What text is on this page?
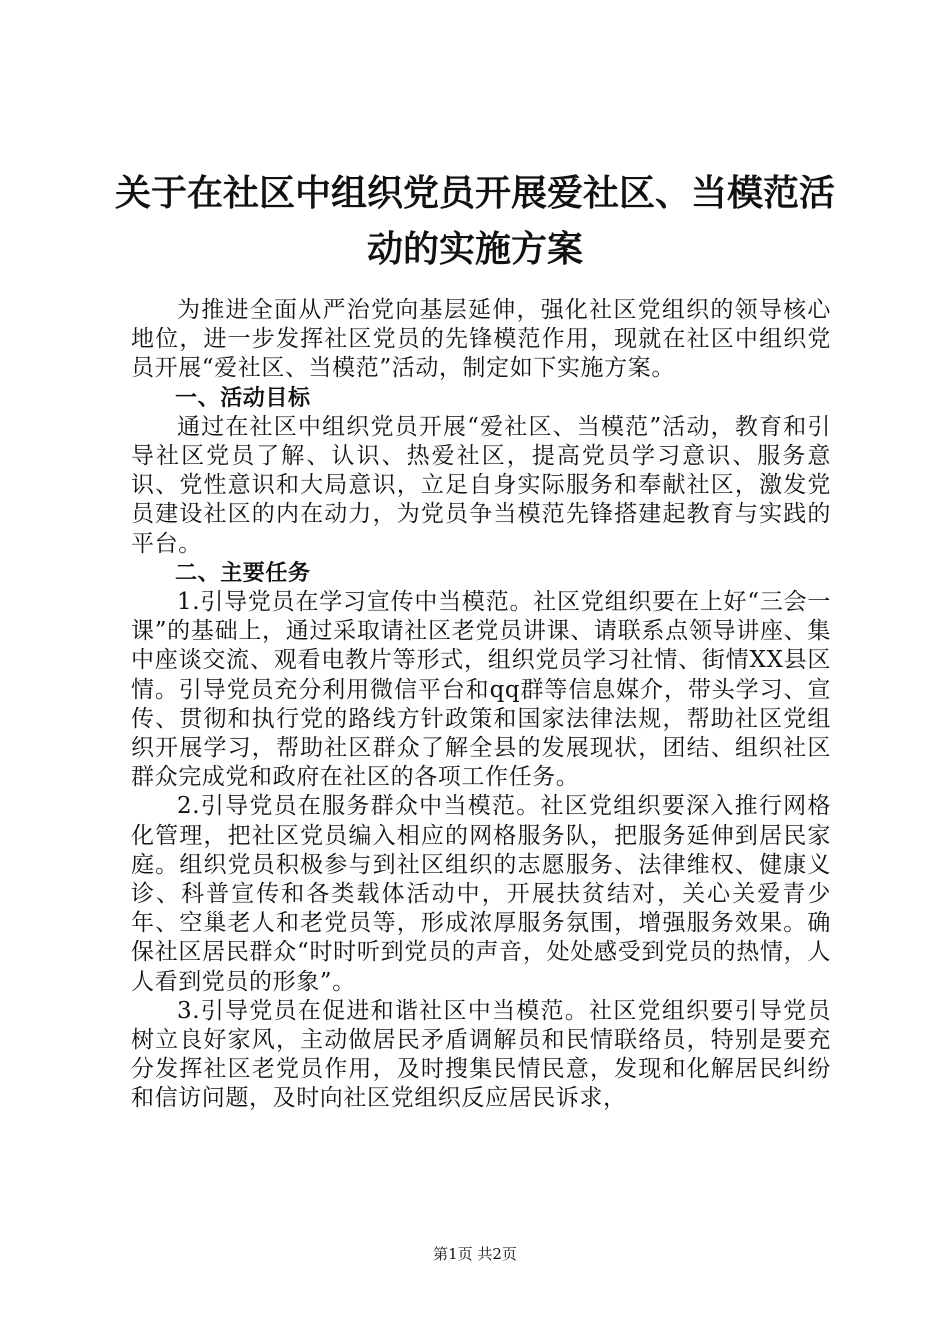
关于在社区中组织党员开展爱社区、当模范活动的实施方案

为推进全面从严治党向基层延伸，强化社区党组织的领导核心地位，进一步发挥社区党员的先锋模范作用，现就在社区中组织党员开展“爱社区、当模范”活动，制定如下实施方案。

一、活动目标

通过在社区中组织党员开展“爱社区、当模范”活动，教育和引导社区党员了解、认识、热爱社区，提高党员学习意识、服务意识、党性意识和大局意识，立足自身实际服务和奉献社区，激发党员建设社区的内在动力，为党员争当模范先锋搭建起教育与实践的平台。

二、主要任务

1.引导党员在学习宣传中当模范。社区党组织要在上好“三会一课”的基础上，通过采取请社区老党员讲课、请联系点领导讲座、集中座谈交流、观看电教片等形式，组织党员学习社情、街情XX县区情。引导党员充分利用微信平台和qq群等信息媒介，带头学习、宣传、贯彻和执行党的路线方针政策和国家法律法规，帮助社区党组织开展学习，帮助社区群众了解全县的发展现状，团结、组织社区群众完成党和政府在社区的各项工作任务。

2.引导党员在服务群众中当模范。社区党组织要深入推行网格化管理，把社区党员编入相应的网格服务队，把服务延伸到居民家庭。组织党员积极参与到社区组织的志愿服务、法律维权、健康义诊、科普宣传和各类载体活动中，开展扶贫结对，关心关爱青少年、空巢老人和老党员等，形成浓厚服务氛围，增强服务效果。确保社区居民群众“时时听到党员的声音，处处感受到党员的热情，人人看到党员的形象”。

3.引导党员在促进和谐社区中当模范。社区党组织要引导党员树立良好家风，主动做居民矛盾调解员和民情联络员，特别是要充分发挥社区老党员作用，及时搜集民情民意，发现和化解居民纠纷和信访问题，及时向社区党组织反应居民诉求，

第1页 共2页
